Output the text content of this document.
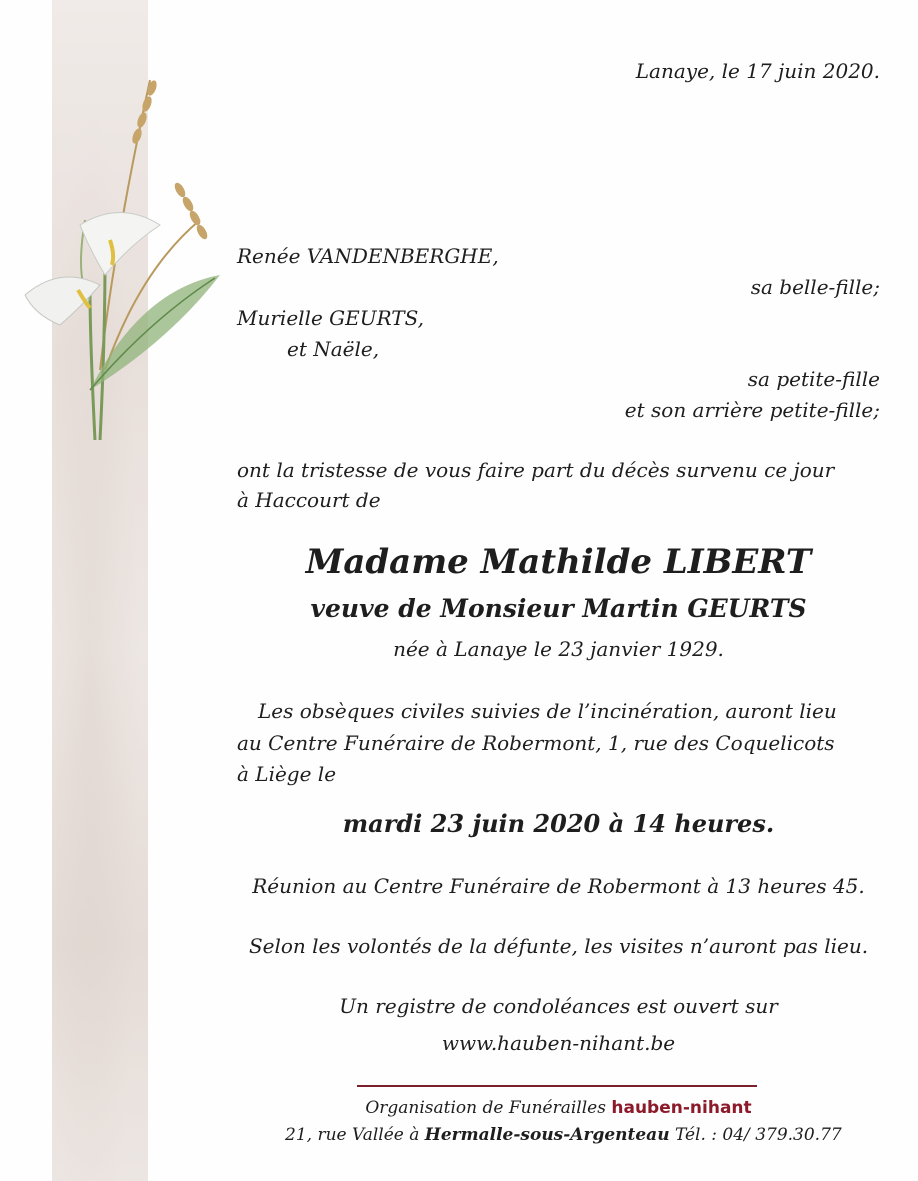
Lanaye, le 17 juin 2020.
Renée VANDENBERGHE,
sa belle-fille;
Murielle GEURTS,
et Naële,
sa petite-fille
et son arrière petite-fille;
ont la tristesse de vous faire part du décès survenu ce jour
à Haccourt de
Madame Mathilde LIBERT
veuve de Monsieur Martin GEURTS
née à Lanaye le 23 janvier 1929.
Les obsèques civiles suivies de l’incinération, auront lieu
au Centre Funéraire de Robermont, 1, rue des Coquelicots
à Liège le
mardi 23 juin 2020 à 14 heures.
Réunion au Centre Funéraire de Robermont à 13 heures 45.
Selon les volontés de la défunte, les visites n’auront pas lieu.
Un registre de condoléances est ouvert sur
www.hauben-nihant.be
Organisation de Funérailles hauben-nihant
21, rue Vallée à Hermalle-sous-Argenteau Tél. : 04/ 379.30.77
